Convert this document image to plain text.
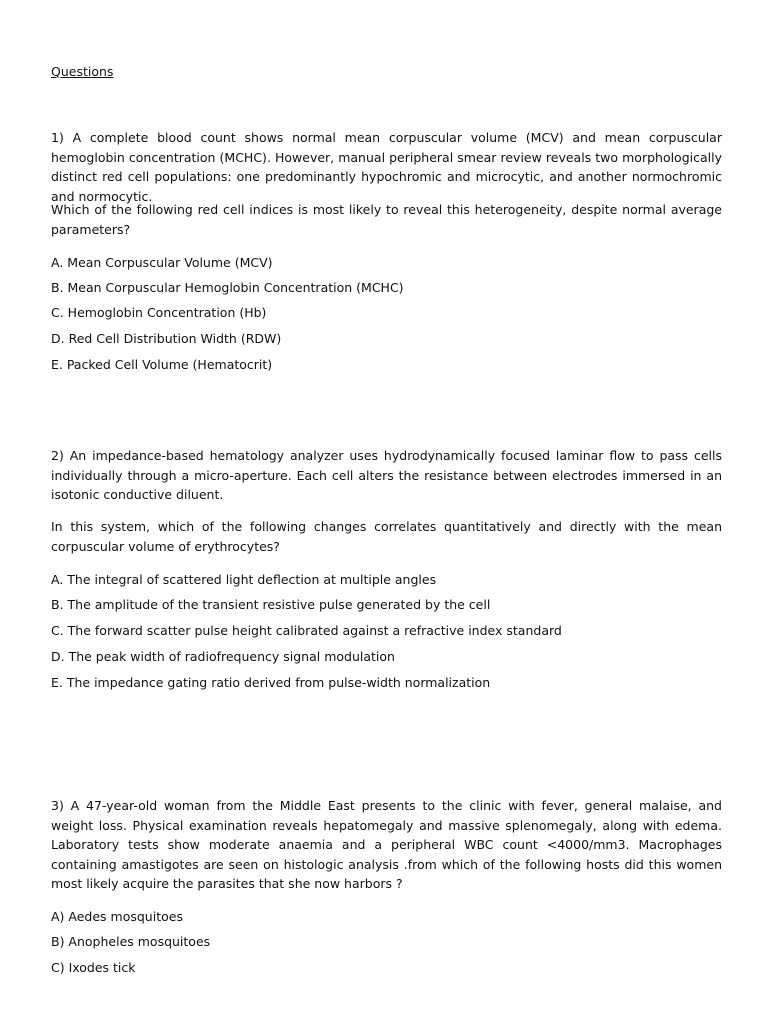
Questions

1) A complete blood count shows normal mean corpuscular volume (MCV) and mean corpuscular hemoglobin concentration (MCHC). However, manual peripheral smear review reveals two morphologically distinct red cell populations: one predominantly hypochromic and microcytic, and another normochromic and normocytic.

Which of the following red cell indices is most likely to reveal this heterogeneity, despite normal average parameters?

A. Mean Corpuscular Volume (MCV)

B. Mean Corpuscular Hemoglobin Concentration (MCHC)

C. Hemoglobin Concentration (Hb)

D. Red Cell Distribution Width (RDW)

E. Packed Cell Volume (Hematocrit)

2) An impedance-based hematology analyzer uses hydrodynamically focused laminar flow to pass cells individually through a micro-aperture. Each cell alters the resistance between electrodes immersed in an isotonic conductive diluent.

In this system, which of the following changes correlates quantitatively and directly with the mean corpuscular volume of erythrocytes?

A. The integral of scattered light deflection at multiple angles

B. The amplitude of the transient resistive pulse generated by the cell

C. The forward scatter pulse height calibrated against a refractive index standard

D. The peak width of radiofrequency signal modulation

E. The impedance gating ratio derived from pulse-width normalization

3) A 47-year-old woman from the Middle East presents to the clinic with fever, general malaise, and weight loss. Physical examination reveals hepatomegaly and massive splenomegaly, along with edema. Laboratory tests show moderate anaemia and a peripheral WBC count <4000/mm3. Macrophages containing amastigotes are seen on histologic analysis .from which of the following hosts did this women most likely acquire the parasites that she now harbors ?

A) Aedes mosquitoes

B) Anopheles mosquitoes

C) Ixodes tick
